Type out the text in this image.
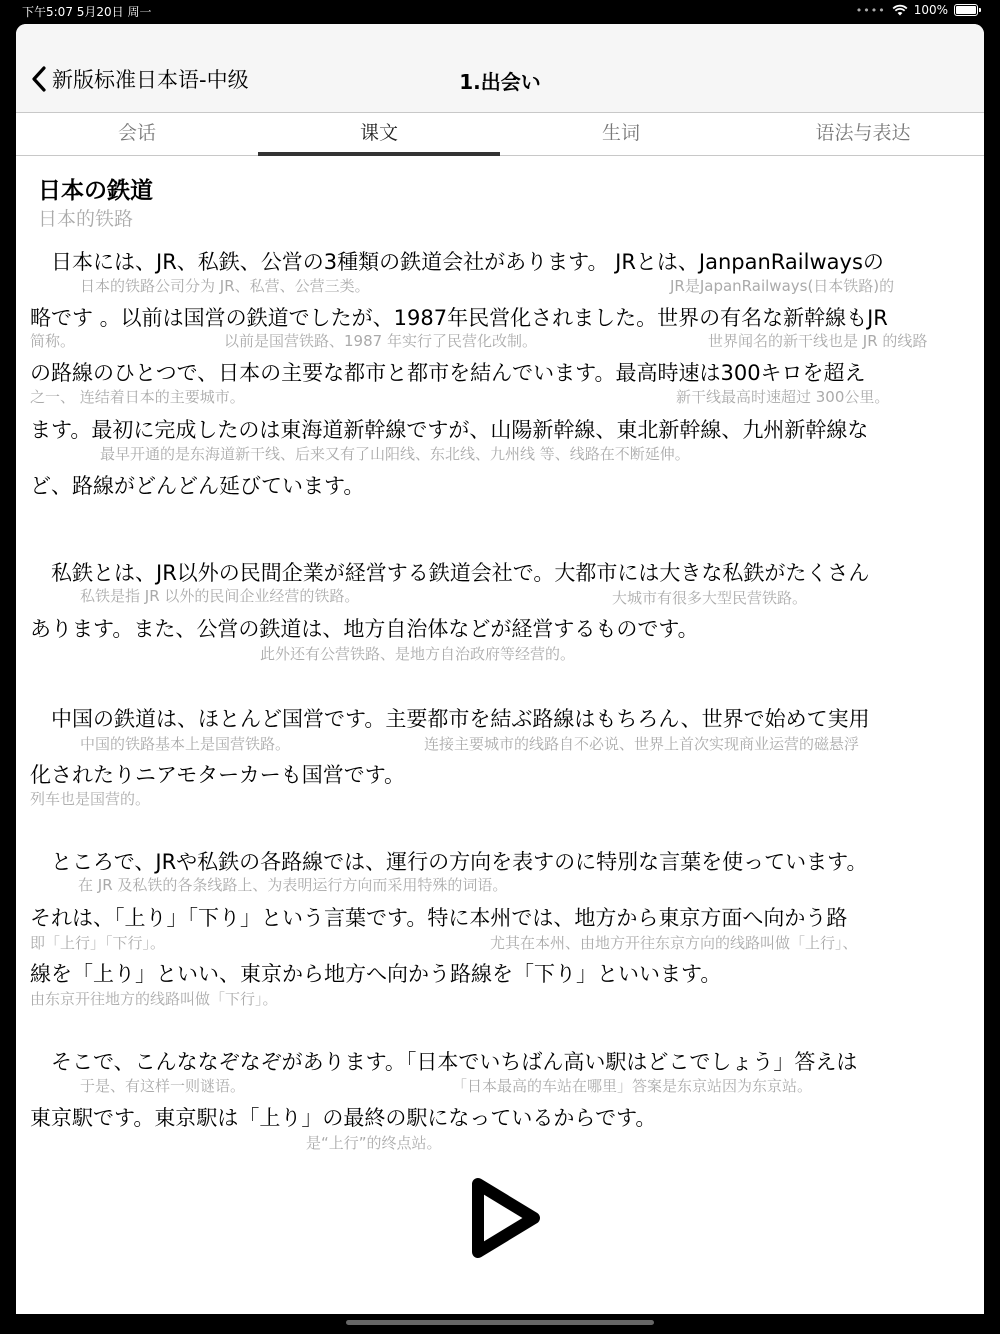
下午5:07 5月20日 周一	•••• 100%
新版标准日本语-中级	1.出会い
会话	课文	生词	语法与表达
日本の鉄道
日本的铁路
　日本には、JR、私鉄、公営の3種類の鉄道会社があります。 JRとは、JanpanRailwaysの
日本的铁路公司分为 JR、私营、公营三类。	JR是JapanRailways(日本铁路)的
略です 。以前は国営の鉄道でしたが、1987年民営化されました。世界の有名な新幹線もJR
简称。	以前是国营铁路、1987 年实行了民营化改制。	世界闻名的新干线也是 JR 的线路
の路線のひとつで、日本の主要な都市と都市を結んでいます。最高時速は300キロを超え
之一、 连结着日本的主要城市。	新干线最高时速超过 300公里。
ます。最初に完成したのは東海道新幹線ですが、山陽新幹線、東北新幹線、九州新幹線な
最早开通的是东海道新干线、后来又有了山阳线、东北线、九州线 等、线路在不断延伸。
ど、路線がどんどん延びています。
　私鉄とは、JR以外の民間企業が経営する鉄道会社で。大都市には大きな私鉄がたくさん
私铁是指 JR 以外的民间企业经营的铁路。	大城市有很多大型民营铁路。
あります。また、公営の鉄道は、地方自治体などが経営するものです。
此外还有公营铁路、是地方自治政府等经营的。
　中国の鉄道は、ほとんど国営です。主要都市を結ぶ路線はもちろん、世界で始めて実用
中国的铁路基本上是国营铁路。	连接主要城市的线路自不必说、世界上首次实现商业运营的磁悬浮
化されたりニアモターカーも国営です。
列车也是国营的。
　ところで、JRや私鉄の各路線では、運行の方向を表すのに特別な言葉を使っています。
在 JR 及私铁的各条线路上、为表明运行方向而采用特殊的词语。
それは、「上り」「下り」という言葉です。特に本州では、地方から東京方面へ向かう路
即「上行」「下行」。	尤其在本州、由地方开往东京方向的线路叫做「上行」、
線を「上り」といい、東京から地方へ向かう路線を「下り」といいます。
由东京开往地方的线路叫做「下行」。
　そこで、こんななぞなぞがあります。「日本でいちばん高い駅はどこでしょう」答えは
于是、有这样一则谜语。	「日本最高的车站在哪里」答案是东京站因为东京站。
東京駅です。東京駅は「上り」の最終の駅になっているからです。
是“上行”的终点站。
